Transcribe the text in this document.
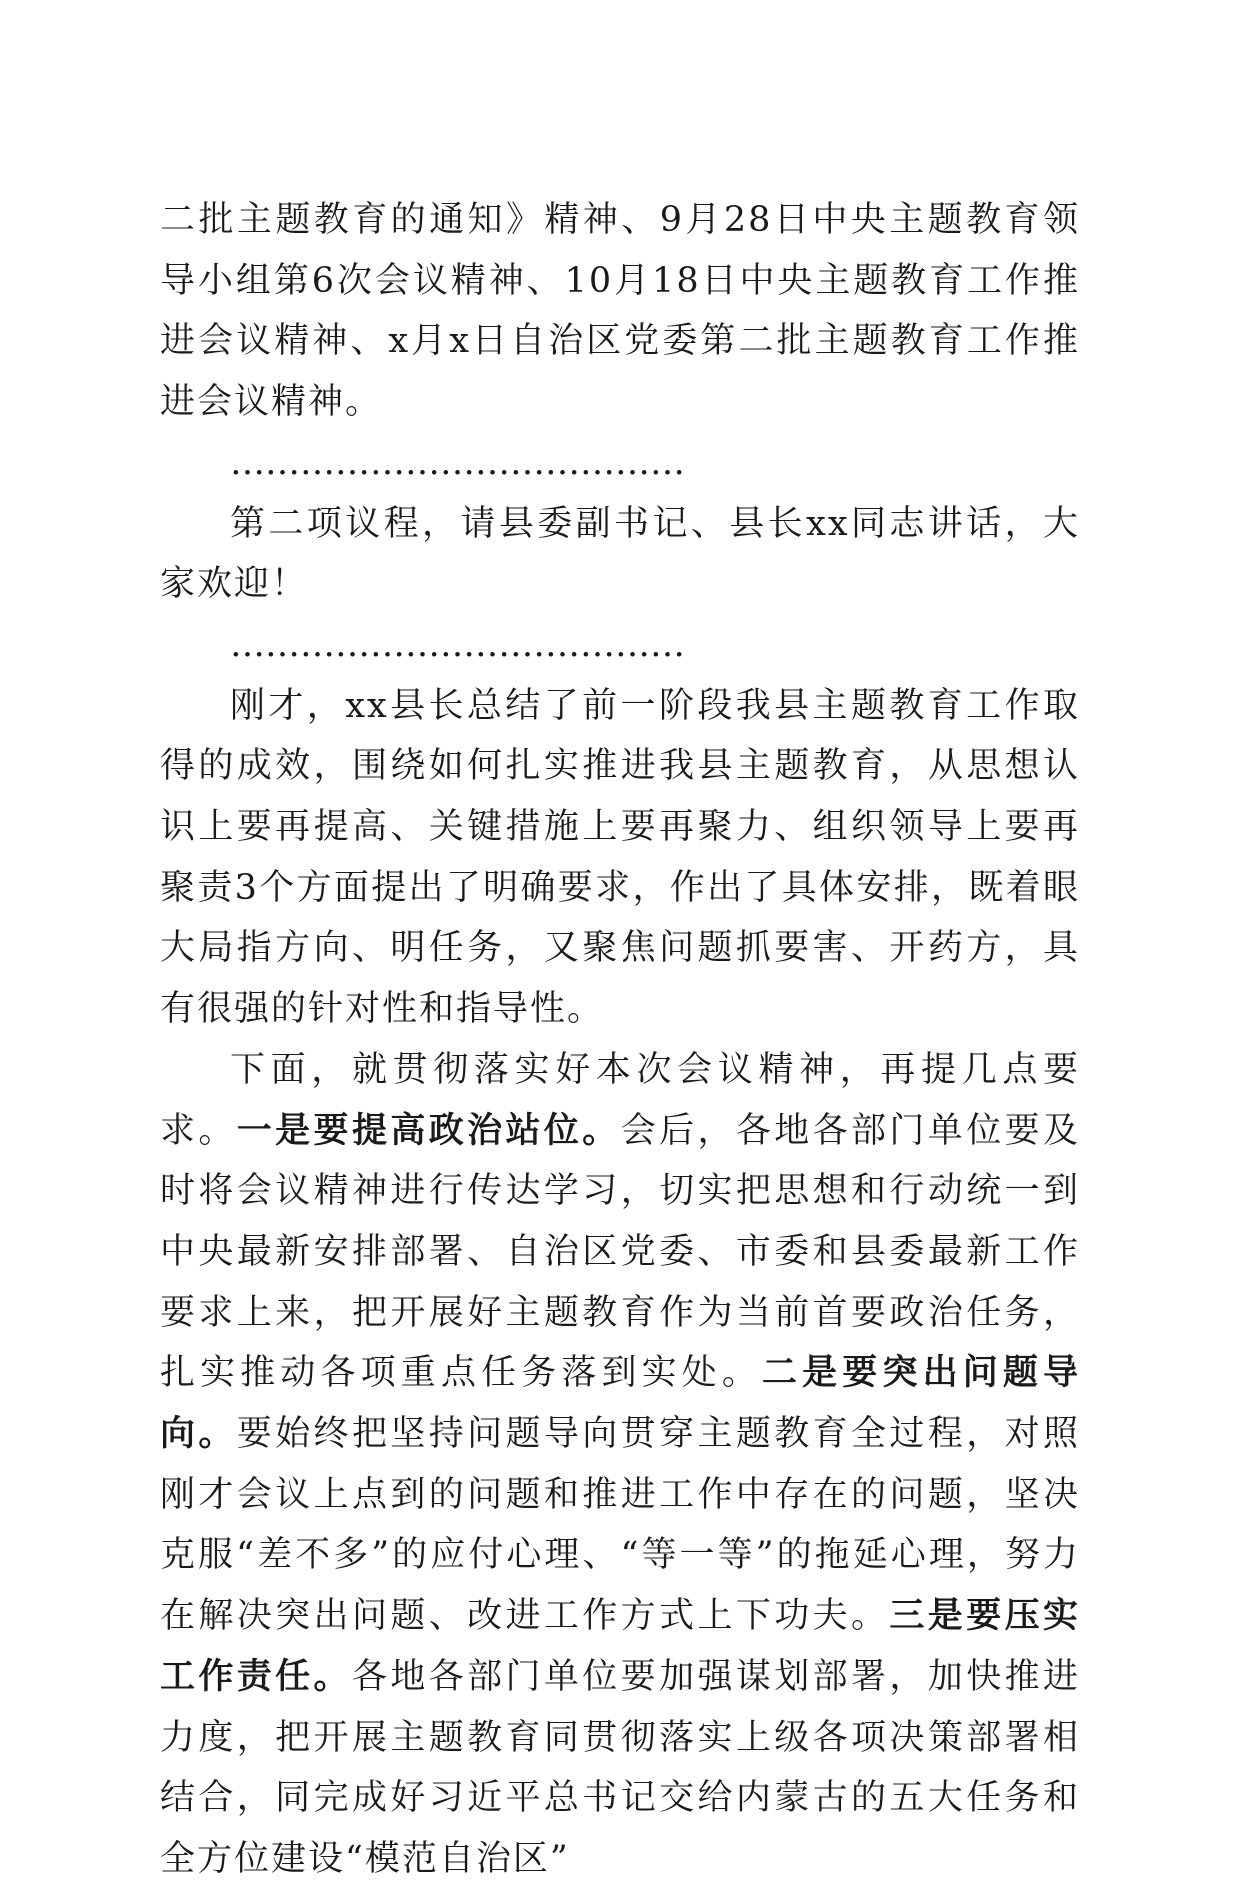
二批主题教育的通知》精神、9月28日中央主题教育领导小组第6次会议精神、10月18日中央主题教育工作推进会议精神、x月x日自治区党委第二批主题教育工作推进会议精神。

…………………………………

第二项议程，请县委副书记、县长xx同志讲话，大家欢迎！

…………………………………

刚才，xx县长总结了前一阶段我县主题教育工作取得的成效，围绕如何扎实推进我县主题教育，从思想认识上要再提高、关键措施上要再聚力、组织领导上要再聚责3个方面提出了明确要求，作出了具体安排，既着眼大局指方向、明任务，又聚焦问题抓要害、开药方，具有很强的针对性和指导性。

下面，就贯彻落实好本次会议精神，再提几点要求。一是要提高政治站位。会后，各地各部门单位要及时将会议精神进行传达学习，切实把思想和行动统一到中央最新安排部署、自治区党委、市委和县委最新工作要求上来，把开展好主题教育作为当前首要政治任务，扎实推动各项重点任务落到实处。二是要突出问题导向。要始终把坚持问题导向贯穿主题教育全过程，对照刚才会议上点到的问题和推进工作中存在的问题，坚决克服“差不多”的应付心理、“等一等”的拖延心理，努力在解决突出问题、改进工作方式上下功夫。三是要压实工作责任。各地各部门单位要加强谋划部署，加快推进力度，把开展主题教育同贯彻落实上级各项决策部署相结合，同完成好习近平总书记交给内蒙古的五大任务和全方位建设“模范自治区”
